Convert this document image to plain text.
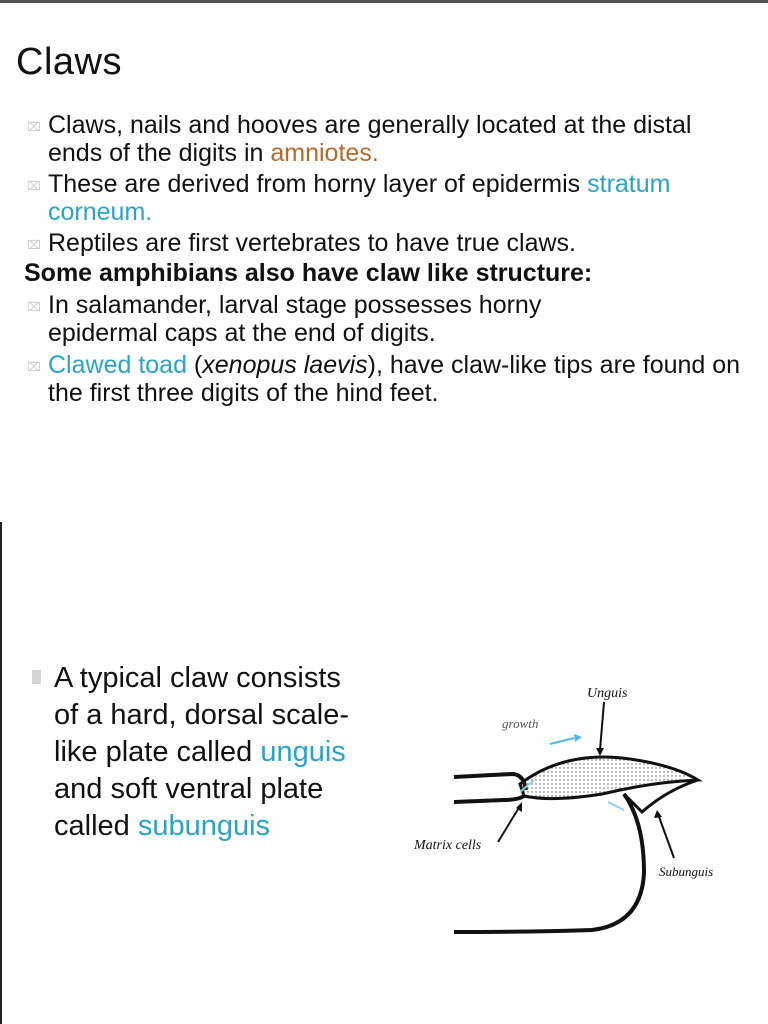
Claws
⌧ Claws, nails and hooves are generally located at the distal ends of the digits in amniotes.
⌧ These are derived from horny layer of epidermis stratum corneum.
⌧ Reptiles are first vertebrates to have true claws.
Some amphibians also have claw like structure:
⌧ In salamander, larval stage possesses horny epidermal caps at the end of digits.
⌧ Clawed toad (xenopus laevis), have claw-like tips are found on the first three digits of the hind feet.
A typical claw consists of a hard, dorsal scale-like plate called unguis and soft ventral plate called subunguis
Unguis
growth
Matrix cells
Subunguis
